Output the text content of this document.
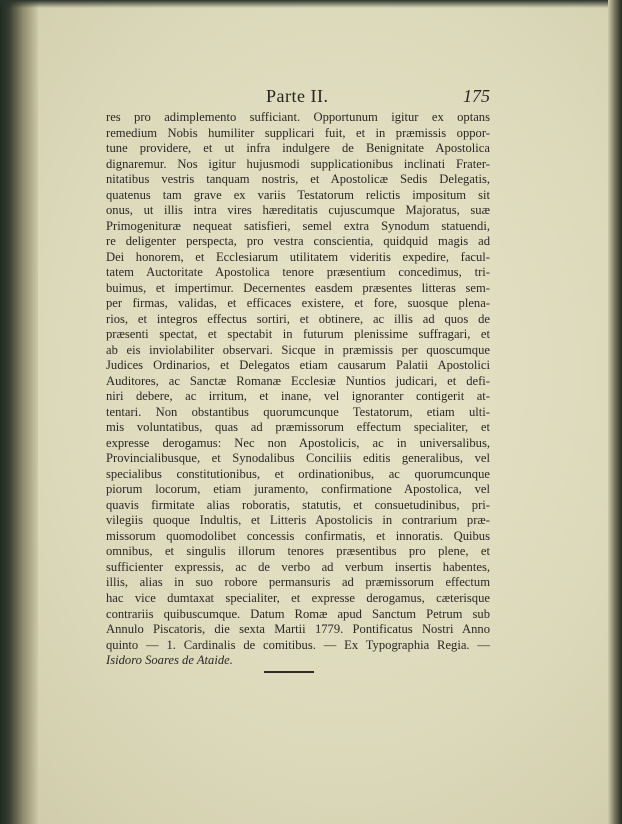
Parte II.	175
res pro adimplemento sufficiant. Opportunum igitur ex optans
remedium Nobis humiliter supplicari fuit, et in præmissis oppor-
tune providere, et ut infra indulgere de Benignitate Apostolica
dignaremur. Nos igitur hujusmodi supplicationibus inclinati Frater-
nitatibus vestris tanquam nostris, et Apostolicæ Sedis Delegatis,
quatenus tam grave ex variis Testatorum relictis impositum sit
onus, ut illis intra vires hæreditatis cujuscumque Majoratus, suæ
Primogenituræ nequeat satisfieri, semel extra Synodum statuendi,
re deligenter perspecta, pro vestra conscientia, quidquid magis ad
Dei honorem, et Ecclesiarum utilitatem videritis expedire, facul-
tatem Auctoritate Apostolica tenore præsentium concedimus, tri-
buimus, et impertimur. Decernentes easdem præsentes litteras sem-
per firmas, validas, et efficaces existere, et fore, suosque plena-
rios, et integros effectus sortiri, et obtinere, ac illis ad quos de
præsenti spectat, et spectabit in futurum plenissime suffragari, et
ab eis inviolabiliter observari. Sicque in præmissis per quoscumque
Judices Ordinarios, et Delegatos etiam causarum Palatii Apostolici
Auditores, ac Sanctæ Romanæ Ecclesiæ Nuntios judicari, et defi-
niri debere, ac irritum, et inane, vel ignoranter contigerit at-
tentari. Non obstantibus quorumcunque Testatorum, etiam ulti-
mis voluntatibus, quas ad præmissorum effectum specialiter, et
expresse derogamus: Nec non Apostolicis, ac in universalibus,
Provincialibusque, et Synodalibus Conciliis editis generalibus, vel
specialibus constitutionibus, et ordinationibus, ac quorumcunque
piorum locorum, etiam juramento, confirmatione Apostolica, vel
quavis firmitate alias roboratis, statutis, et consuetudinibus, pri-
vilegiis quoque Indultis, et Litteris Apostolicis in contrarium præ-
missorum quomodolibet concessis confirmatis, et innoratis. Quibus
omnibus, et singulis illorum tenores præsentibus pro plene, et
sufficienter expressis, ac de verbo ad verbum insertis habentes,
illis, alias in suo robore permansuris ad præmissorum effectum
hac vice dumtaxat specialiter, et expresse derogamus, cæterisque
contrariis quibuscumque. Datum Romæ apud Sanctum Petrum sub
Annulo Piscatoris, die sexta Martii 1779. Pontificatus Nostri Anno
quinto — 1. Cardinalis de comitibus. — Ex Typographia Regia. —
Isidoro Soares de Ataide.
